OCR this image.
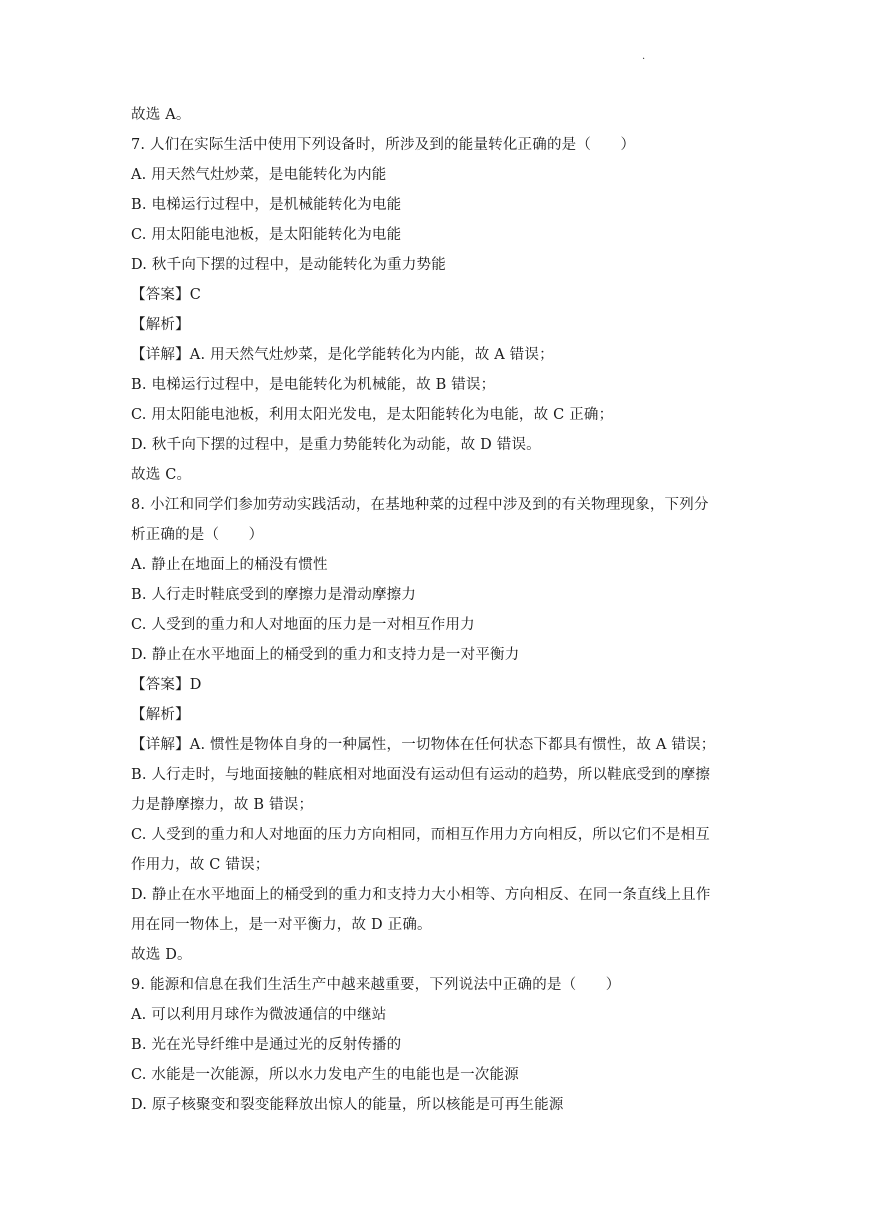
.
故选 A。
7. 人们在实际生活中使用下列设备时，所涉及到的能量转化正确的是（　　）
A. 用天然气灶炒菜，是电能转化为内能
B. 电梯运行过程中，是机械能转化为电能
C. 用太阳能电池板，是太阳能转化为电能
D. 秋千向下摆的过程中，是动能转化为重力势能
【答案】C
【解析】
【详解】A. 用天然气灶炒菜，是化学能转化为内能，故 A 错误；
B. 电梯运行过程中，是电能转化为机械能，故 B 错误；
C. 用太阳能电池板，利用太阳光发电，是太阳能转化为电能，故 C 正确；
D. 秋千向下摆的过程中，是重力势能转化为动能，故 D 错误。
故选 C。
8. 小江和同学们参加劳动实践活动，在基地种菜的过程中涉及到的有关物理现象，下列分
析正确的是（　　）
A. 静止在地面上的桶没有惯性
B. 人行走时鞋底受到的摩擦力是滑动摩擦力
C. 人受到的重力和人对地面的压力是一对相互作用力
D. 静止在水平地面上的桶受到的重力和支持力是一对平衡力
【答案】D
【解析】
【详解】A. 惯性是物体自身的一种属性，一切物体在任何状态下都具有惯性，故 A 错误；
B. 人行走时，与地面接触的鞋底相对地面没有运动但有运动的趋势，所以鞋底受到的摩擦
力是静摩擦力，故 B 错误；
C. 人受到的重力和人对地面的压力方向相同，而相互作用力方向相反，所以它们不是相互
作用力，故 C 错误；
D. 静止在水平地面上的桶受到的重力和支持力大小相等、方向相反、在同一条直线上且作
用在同一物体上，是一对平衡力，故 D 正确。
故选 D。
9. 能源和信息在我们生活生产中越来越重要，下列说法中正确的是（　　）
A. 可以利用月球作为微波通信的中继站
B. 光在光导纤维中是通过光的反射传播的
C. 水能是一次能源，所以水力发电产生的电能也是一次能源
D. 原子核聚变和裂变能释放出惊人的能量，所以核能是可再生能源
